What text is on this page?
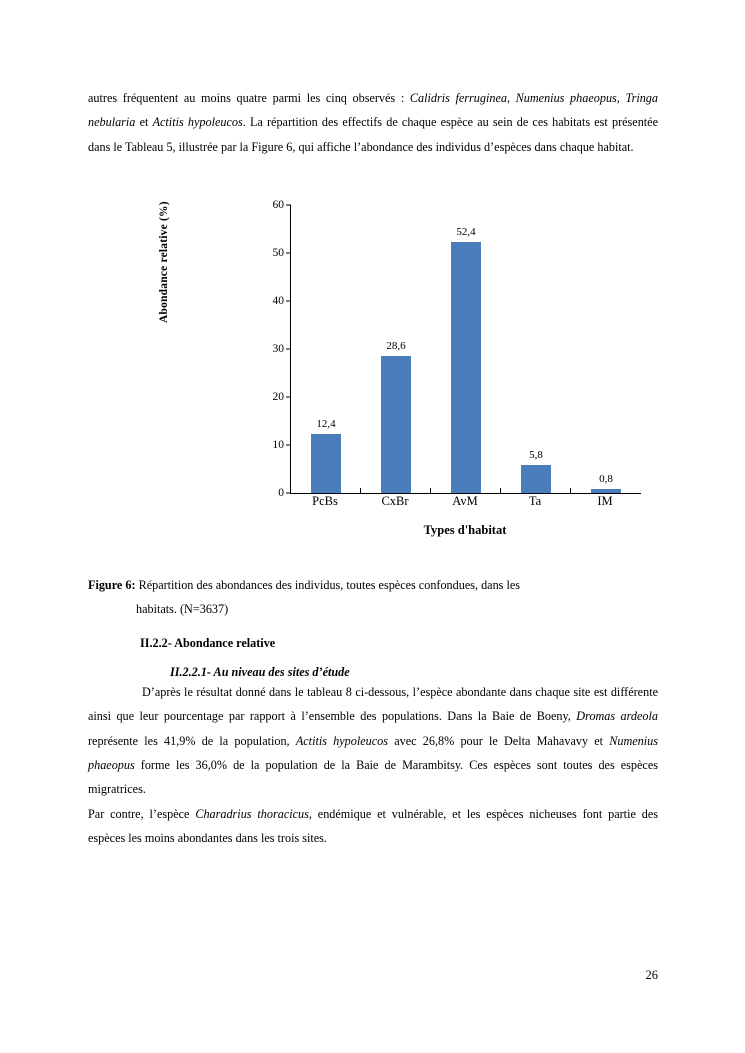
autres fréquentent au moins quatre parmi les cinq observés : Calidris ferruginea, Numenius phaeopus, Tringa nebularia et Actitis hypoleucos. La répartition des effectifs de chaque espèce au sein de ces habitats est présentée dans le Tableau 5, illustrée par la Figure 6, qui affiche l’abondance des individus d’espèces dans chaque habitat.

Abondance relative (%)
12,4
28,6
52,4
5,8
0,8
0
10
20
30
40
50
60
PcBs	CxBr	AvM	Ta	IM
Types d'habitat
Figure 6: Répartition des abondances des individus, toutes espèces confondues, dans les
habitats. (N=3637)
II.2.2- Abondance relative
II.2.2.1- Au niveau des sites d’étude

D’après le résultat donné dans le tableau 8 ci-dessous, l’espèce abondante dans chaque site est différente ainsi que leur pourcentage par rapport à l’ensemble des populations. Dans la Baie de Boeny, Dromas ardeola représente les 41,9% de la population, Actitis hypoleucos avec 26,8% pour le Delta Mahavavy et Numenius phaeopus forme les 36,0% de la population de la Baie de Marambitsy. Ces espèces sont toutes des espèces migratrices.

Par contre, l’espèce Charadrius thoracicus, endémique et vulnérable, et les espèces nicheuses font partie des espèces les moins abondantes dans les trois sites.

26
